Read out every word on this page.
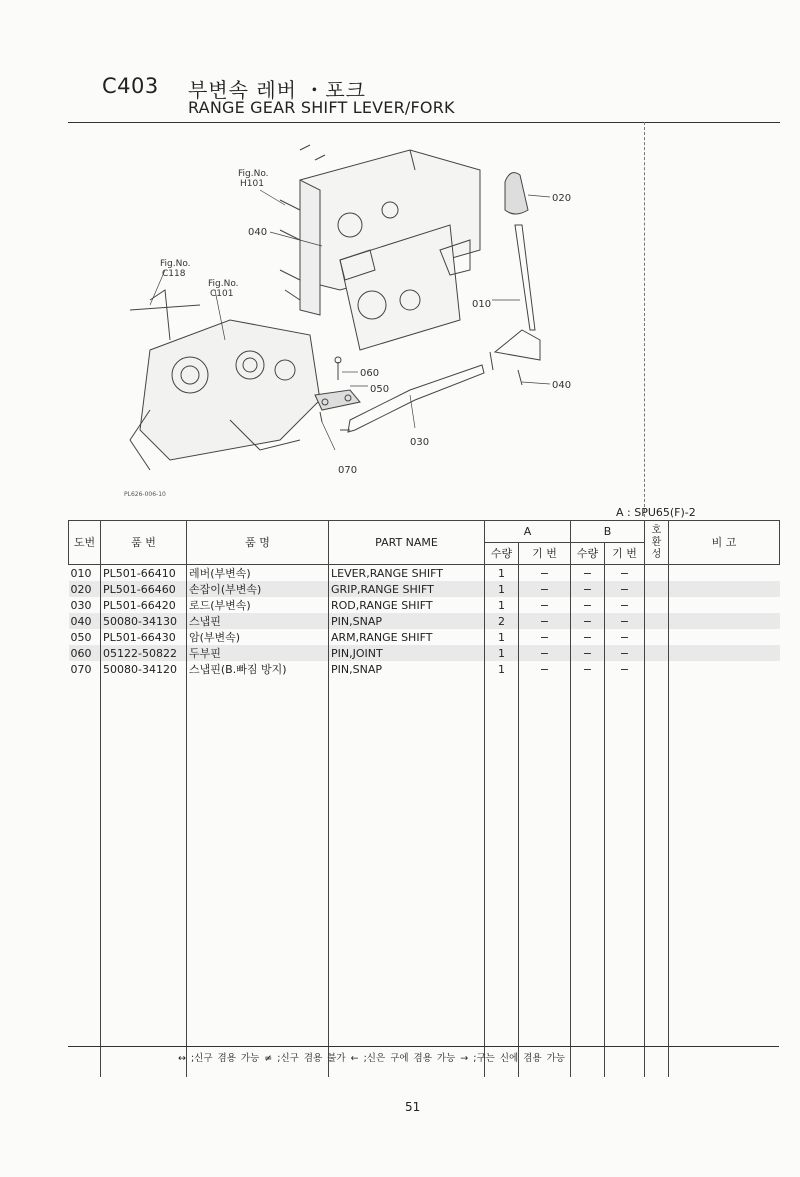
C403 부변속 레버 ・포크
RANGE GEAR SHIFT LEVER/FORK
Fig.No.
H101
Fig.No.
C118
Fig.No.
C101
020
040
010
060
050	040
030
070
PL626-006-10
A : SPU65(F)-2
도번	품 번	품 명	PART NAME	A		B		호 환 성	비 고
				수량	기 번	수량	기 번		
010	PL501-66410	레버(부변속)	LEVER,RANGE SHIFT	1	−	−	−		
020	PL501-66460	손잡이(부변속)	GRIP,RANGE SHIFT	1	−	−	−		
030	PL501-66420	로드(부변속)	ROD,RANGE SHIFT	1	−	−	−		
040	50080-34130	스냅핀	PIN,SNAP	2	−	−	−		
050	PL501-66430	암(부변속)	ARM,RANGE SHIFT	1	−	−	−		
060	05122-50822	두부핀	PIN,JOINT	1	−	−	−		
070	50080-34120	스냅핀(B.빠짐 방지)	PIN,SNAP	1	−	−	−		

↔ ;신구 겸용 가능 ≠ ;신구 겸용 불가 ← ;신은 구에 겸용 가능 → ;구는 신에 겸용 가능
51
